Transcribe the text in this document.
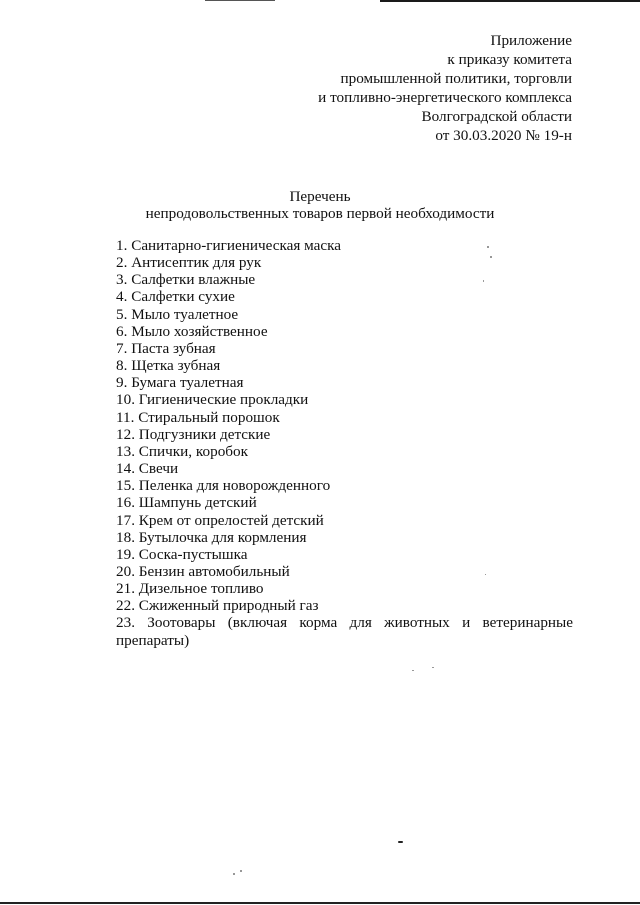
Приложение
к приказу комитета
промышленной политики, торговли
и топливно-энергетического комплекса
Волгоградской области
от 30.03.2020 № 19-н
Перечень
непродовольственных товаров первой необходимости
1. Санитарно-гигиеническая маска
2. Антисептик для рук
3. Салфетки влажные
4. Салфетки сухие
5. Мыло туалетное
6. Мыло хозяйственное
7. Паста зубная
8. Щетка зубная
9. Бумага туалетная
10. Гигиенические прокладки
11. Стиральный порошок
12. Подгузники детские
13. Спички, коробок
14. Свечи
15. Пеленка для новорожденного
16. Шампунь детский
17. Крем от опрелостей детский
18. Бутылочка для кормления
19. Соска-пустышка
20. Бензин автомобильный
21. Дизельное топливо
22. Сжиженный природный газ
23. Зоотовары (включая корма для животных и ветеринарные препараты)
